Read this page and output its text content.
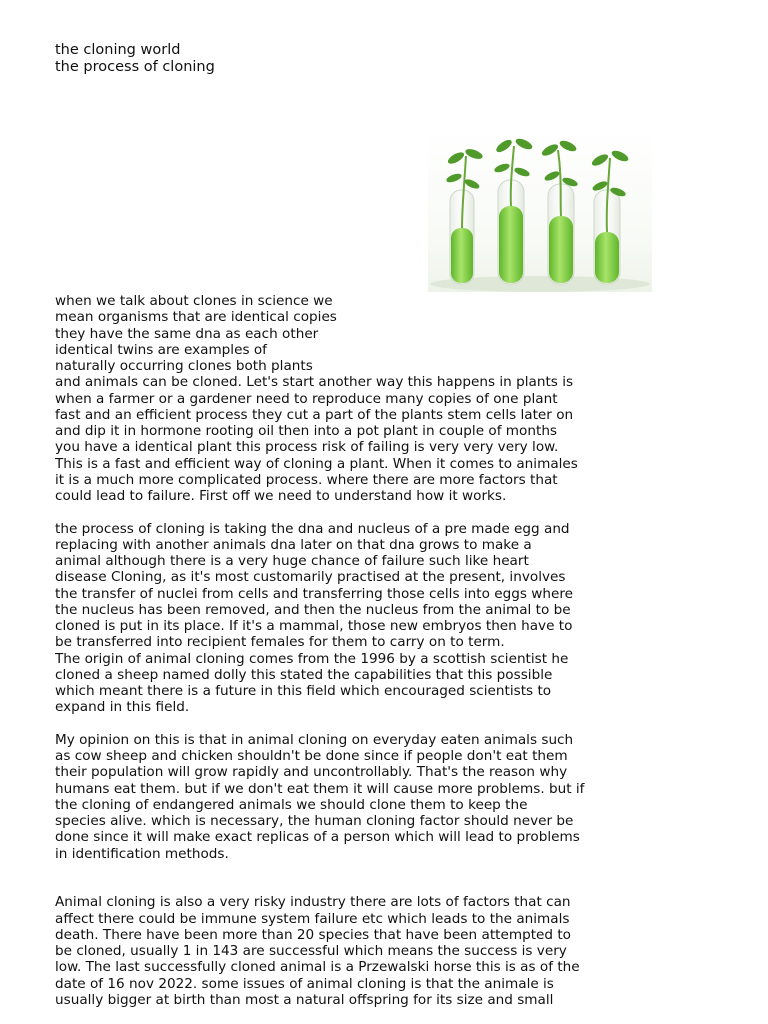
the cloning world
the process of cloning
when we talk about clones in science we
mean organisms that are identical copies
they have the same dna as each other
identical twins are examples of
naturally occurring clones both plants
and animals can be cloned. Let's start another way this happens in plants is
when a farmer or a gardener need to reproduce many copies of one plant
fast and an efficient process they cut a part of the plants stem cells later on
and dip it in hormone rooting oil then into a pot plant in couple of months
you have a identical plant this process risk of failing is very very very low.
This is a fast and efficient way of cloning a plant. When it comes to animales
it is a much more complicated process. where there are more factors that
could lead to failure. First off we need to understand how it works.
the process of cloning is taking the dna and nucleus of a pre made egg and
replacing with another animals dna later on that dna grows to make a
animal although there is a very huge chance of failure such like heart
disease Cloning, as it's most customarily practised at the present, involves
the transfer of nuclei from cells and transferring those cells into eggs where
the nucleus has been removed, and then the nucleus from the animal to be
cloned is put in its place. If it's a mammal, those new embryos then have to
be transferred into recipient females for them to carry on to term.
The origin of animal cloning comes from the 1996 by a scottish scientist he
cloned a sheep named dolly this stated the capabilities that this possible
which meant there is a future in this field which encouraged scientists to
expand in this field.
My opinion on this is that in animal cloning on everyday eaten animals such
as cow sheep and chicken shouldn't be done since if people don't eat them
their population will grow rapidly and uncontrollably. That's the reason why
humans eat them. but if we don't eat them it will cause more problems. but if
the cloning of endangered animals we should clone them to keep the
species alive. which is necessary, the human cloning factor should never be
done since it will make exact replicas of a person which will lead to problems
in identification methods.
Animal cloning is also a very risky industry there are lots of factors that can
affect there could be immune system failure etc which leads to the animals
death. There have been more than 20 species that have been attempted to
be cloned, usually 1 in 143 are successful which means the success is very
low. The last successfully cloned animal is a Przewalski horse this is as of the
date of 16 nov 2022. some issues of animal cloning is that the animale is
usually bigger at birth than most a natural offspring for its size and small
